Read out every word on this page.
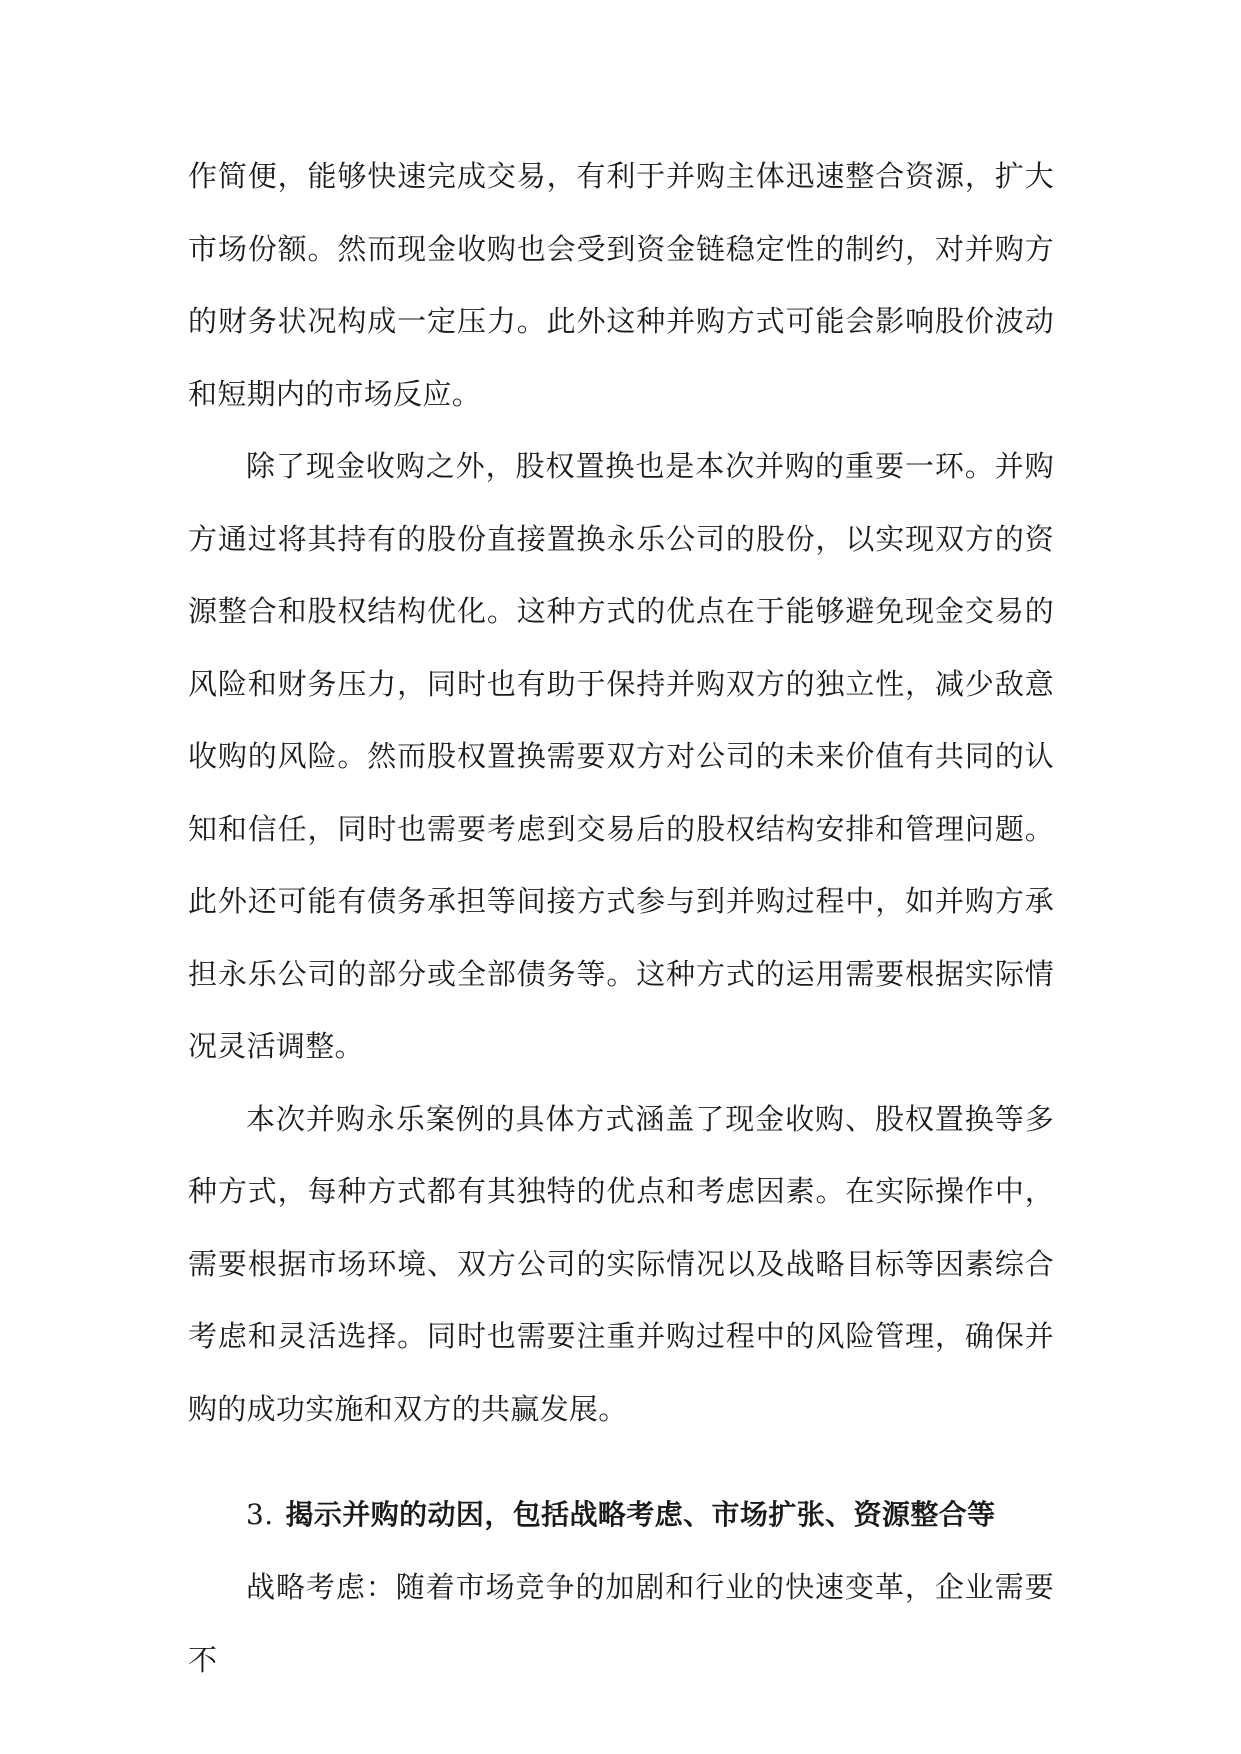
作简便，能够快速完成交易，有利于并购主体迅速整合资源，扩大市场份额。然而现金收购也会受到资金链稳定性的制约，对并购方的财务状况构成一定压力。此外这种并购方式可能会影响股价波动和短期内的市场反应。

除了现金收购之外，股权置换也是本次并购的重要一环。并购方通过将其持有的股份直接置换永乐公司的股份，以实现双方的资源整合和股权结构优化。这种方式的优点在于能够避免现金交易的风险和财务压力，同时也有助于保持并购双方的独立性，减少敌意收购的风险。然而股权置换需要双方对公司的未来价值有共同的认知和信任，同时也需要考虑到交易后的股权结构安排和管理问题。此外还可能有债务承担等间接方式参与到并购过程中，如并购方承担永乐公司的部分或全部债务等。这种方式的运用需要根据实际情况灵活调整。

本次并购永乐案例的具体方式涵盖了现金收购、股权置换等多种方式，每种方式都有其独特的优点和考虑因素。在实际操作中，需要根据市场环境、双方公司的实际情况以及战略目标等因素综合考虑和灵活选择。同时也需要注重并购过程中的风险管理，确保并购的成功实施和双方的共赢发展。

3. 揭示并购的动因，包括战略考虑、市场扩张、资源整合等

战略考虑：随着市场竞争的加剧和行业的快速变革，企业需要不
